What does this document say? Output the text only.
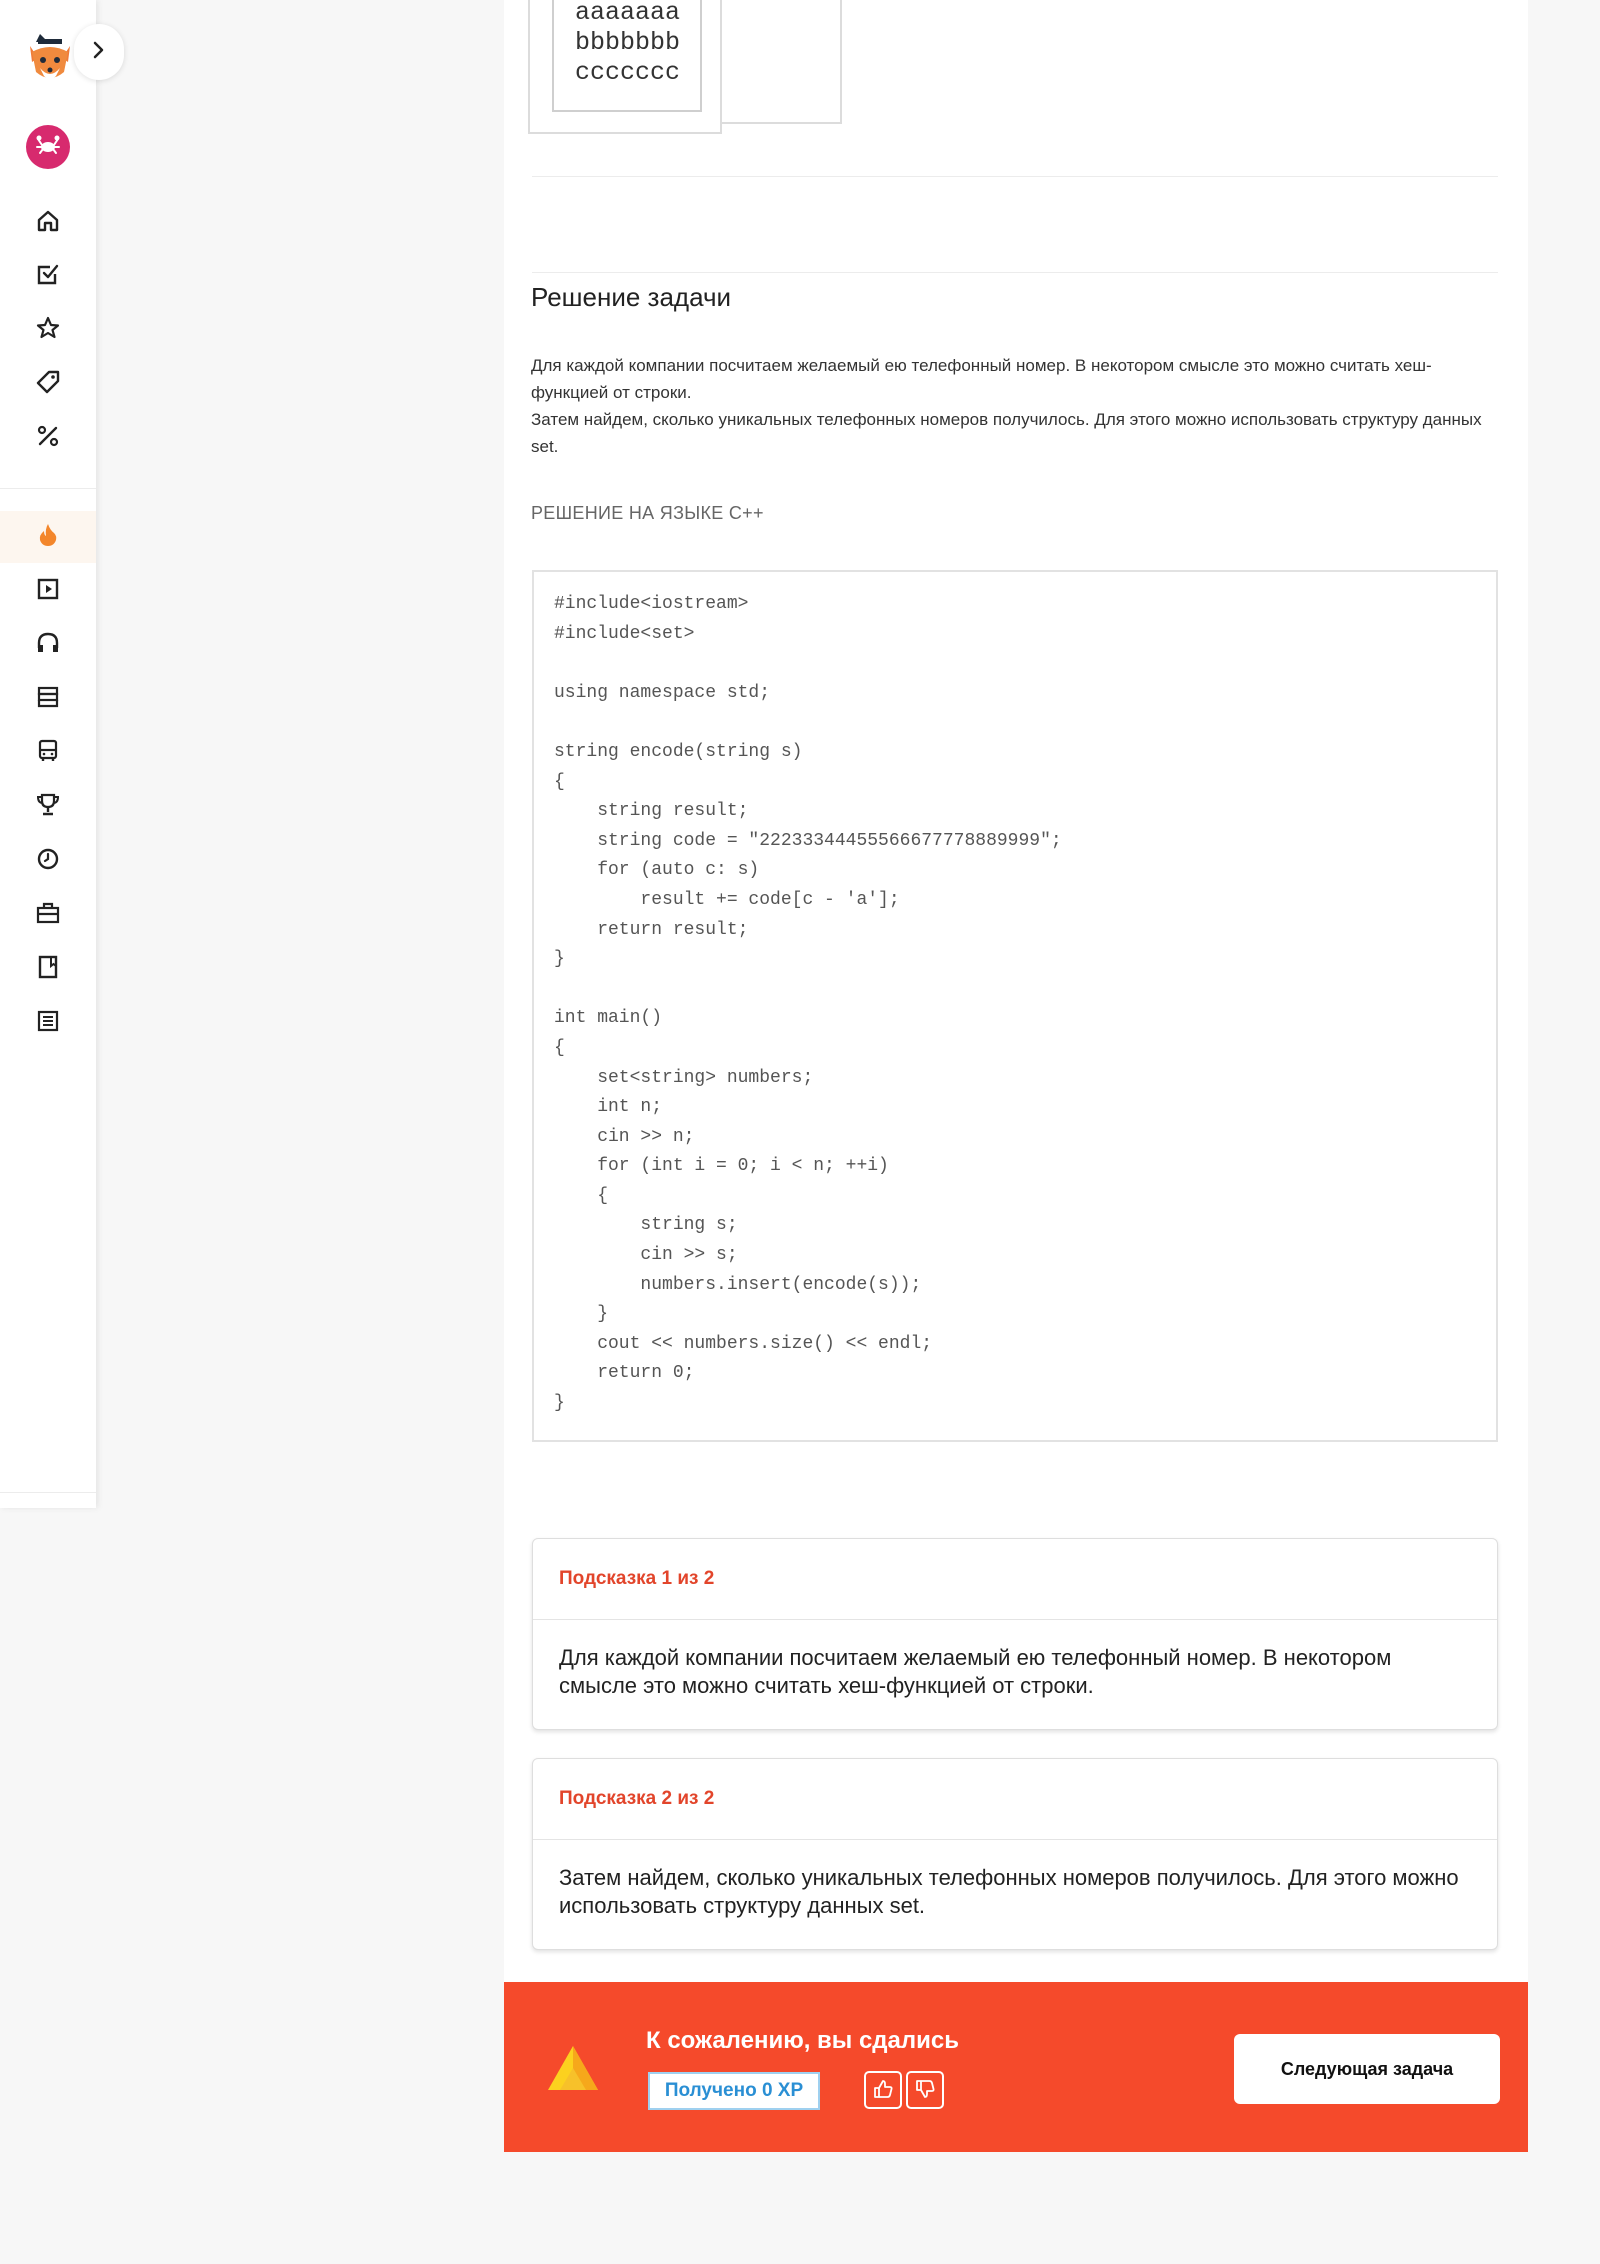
aaaaaaa
bbbbbbb
ccccccc
Решение задачи

Для каждой компании посчитаем желаемый ею телефонный номер. В некотором смысле это можно считать хеш-функцией от строки.

Затем найдем, сколько уникальных телефонных номеров получилось. Для этого можно использовать структуру данных set.

РЕШЕНИЕ НА ЯЗЫКЕ C++
#include<iostream>
#include<set>

using namespace std;

string encode(string s)
{
string result;
string code = "22233344455566677778889999";
for (auto c: s)
result += code[c - 'a'];
return result;
}

int main()
{
set<string> numbers;
int n;
cin >> n;
for (int i = 0; i < n; ++i)
{
string s;
cin >> s;
numbers.insert(encode(s));
}
cout << numbers.size() << endl;
return 0;
}
Подсказка 1 из 2
Для каждой компании посчитаем желаемый ею телефонный номер. В некотором смысле это можно считать хеш-функцией от строки.
Подсказка 2 из 2
Затем найдем, сколько уникальных телефонных номеров получилось. Для этого можно использовать структуру данных set.
К сожалению, вы сдались
Получено 0 XP
Следующая задача
